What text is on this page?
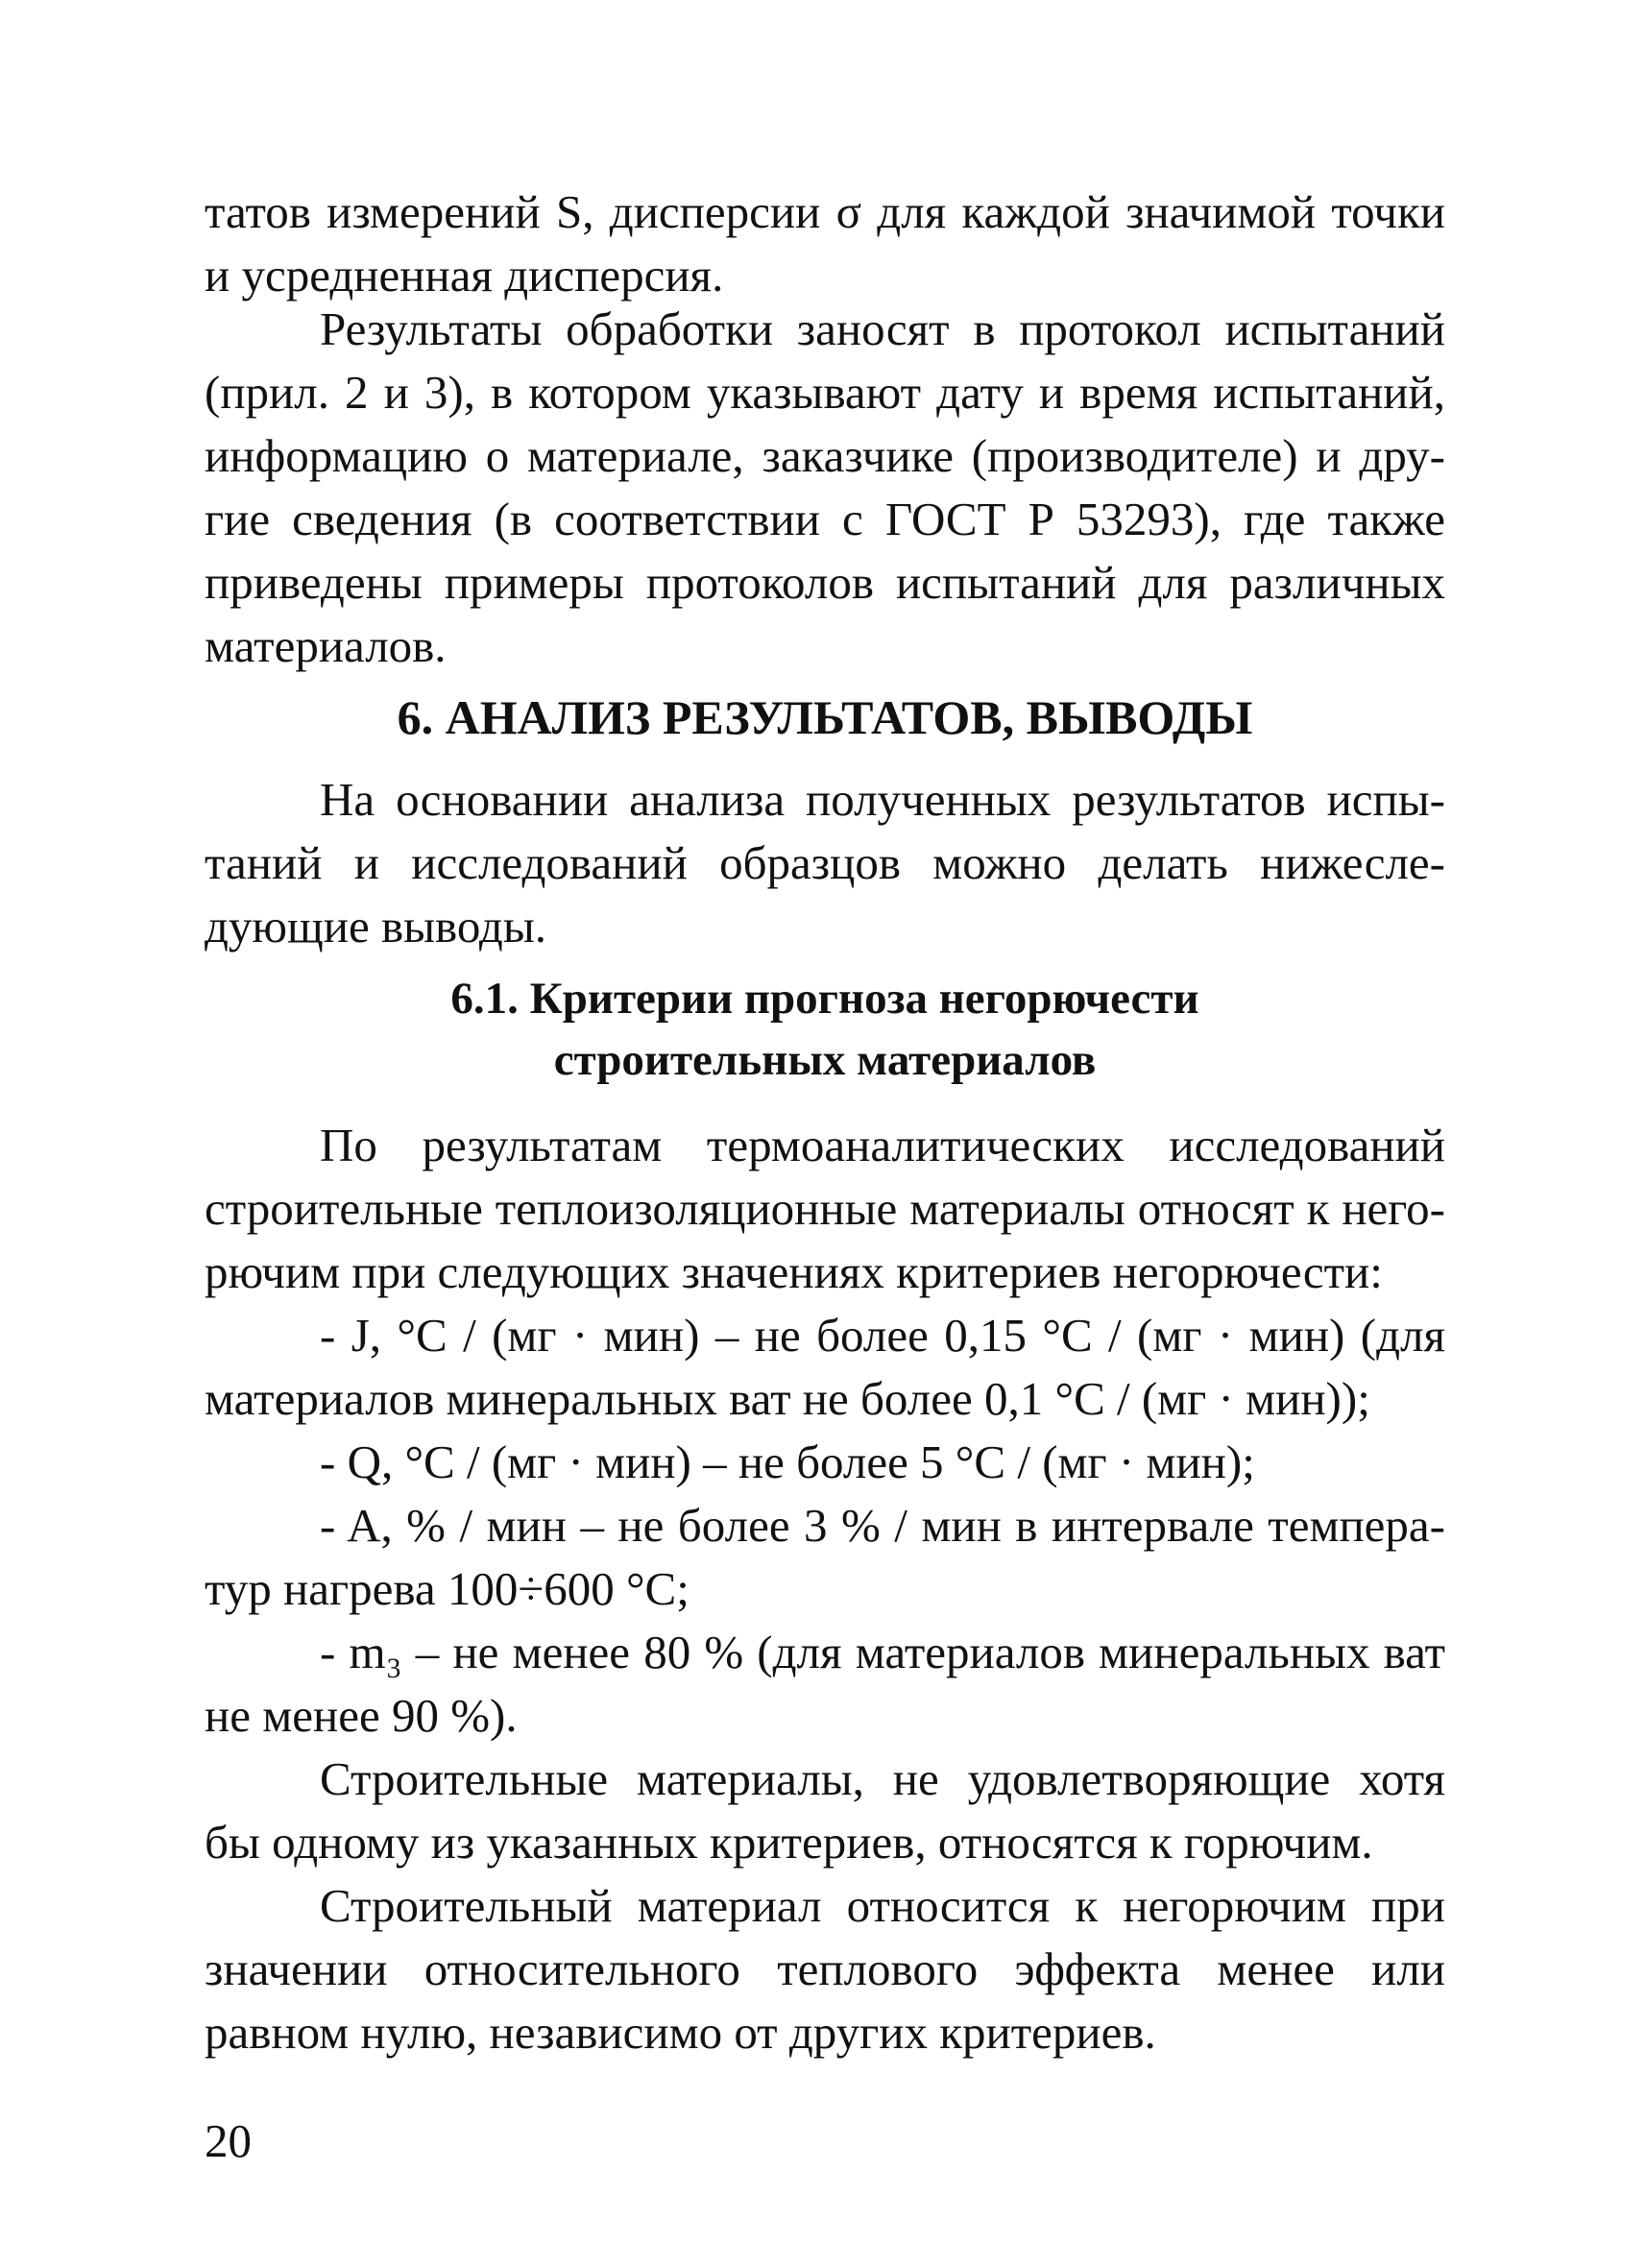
татов измерений S, дисперсии σ для каждой значимой точки
и усредненная дисперсия.
Результаты обработки заносят в протокол испытаний
(прил. 2 и 3), в котором указывают дату и время испытаний,
информацию о материале, заказчике (производителе) и дру-
гие сведения (в соответствии с ГОСТ Р 53293), где также
приведены примеры протоколов испытаний для различных
материалов.
6. АНАЛИЗ РЕЗУЛЬТАТОВ, ВЫВОДЫ
На основании анализа полученных результатов испы-
таний и исследований образцов можно делать нижесле-
дующие выводы.
6.1. Критерии прогноза негорючести
строительных материалов
По результатам термоаналитических исследований
строительные теплоизоляционные материалы относят к него-
рючим при следующих значениях критериев негорючести:
- J, °С / (мг · мин) – не более 0,15 °С / (мг · мин) (для
материалов минеральных ват не более 0,1 °С / (мг · мин));
- Q, °С / (мг · мин) – не более 5 °С / (мг · мин);
- A, % / мин – не более 3 % / мин в интервале темпера-
тур нагрева 100÷600 °С;
- m₃ – не менее 80 % (для материалов минеральных ват
не менее 90 %).
Строительные материалы, не удовлетворяющие хотя
бы одному из указанных критериев, относятся к горючим.
Строительный материал относится к негорючим при
значении относительного теплового эффекта менее или
равном нулю, независимо от других критериев.
20
